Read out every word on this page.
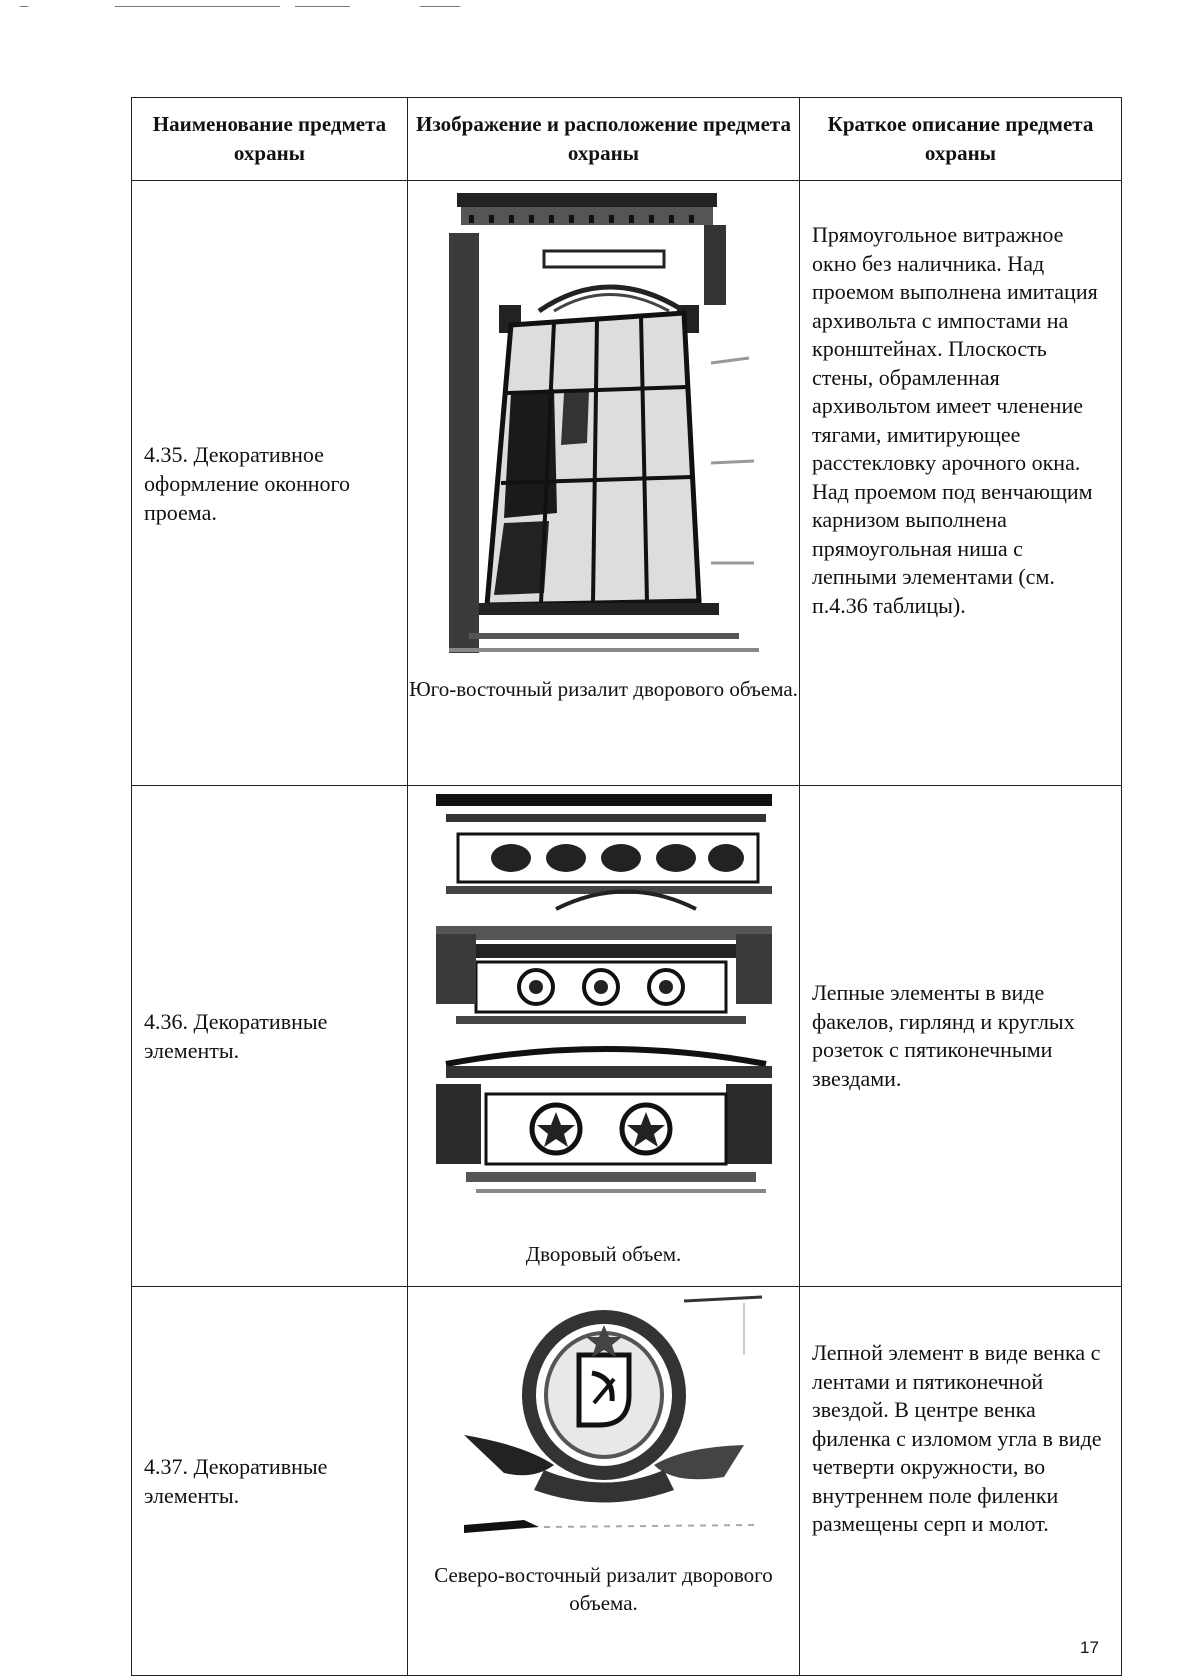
Наименование предмета охраны	Изображение и расположение предмета охраны	Краткое описание предмета охраны
4.35. Декоративное оформление оконного проема.	Юго-восточный ризалит дворового объема.	Прямоугольное витражное окно без наличника. Над проемом выполнена имитация архивольта с импостами на кронштейнах. Плоскость стены, обрамленная архивольтом имеет членение тягами, имитирующее расстекловку арочного окна. Над проемом под венчающим карнизом выполнена прямоугольная ниша с лепными элементами (см. п.4.36 таблицы).

4.36. Декоративные элементы.	Дворовый объем.	Лепные элементы в виде факелов, гирлянд и круглых розеток с пятиконечными звездами.

4.37. Декоративные элементы.	Северо-восточный ризалит дворового объема.	Лепной элемент в виде венка с лентами и пятиконечной звездой. В центре венка филенка с изломом угла в виде четверти окружности, во внутреннем поле филенки размещены серп и молот.

17
